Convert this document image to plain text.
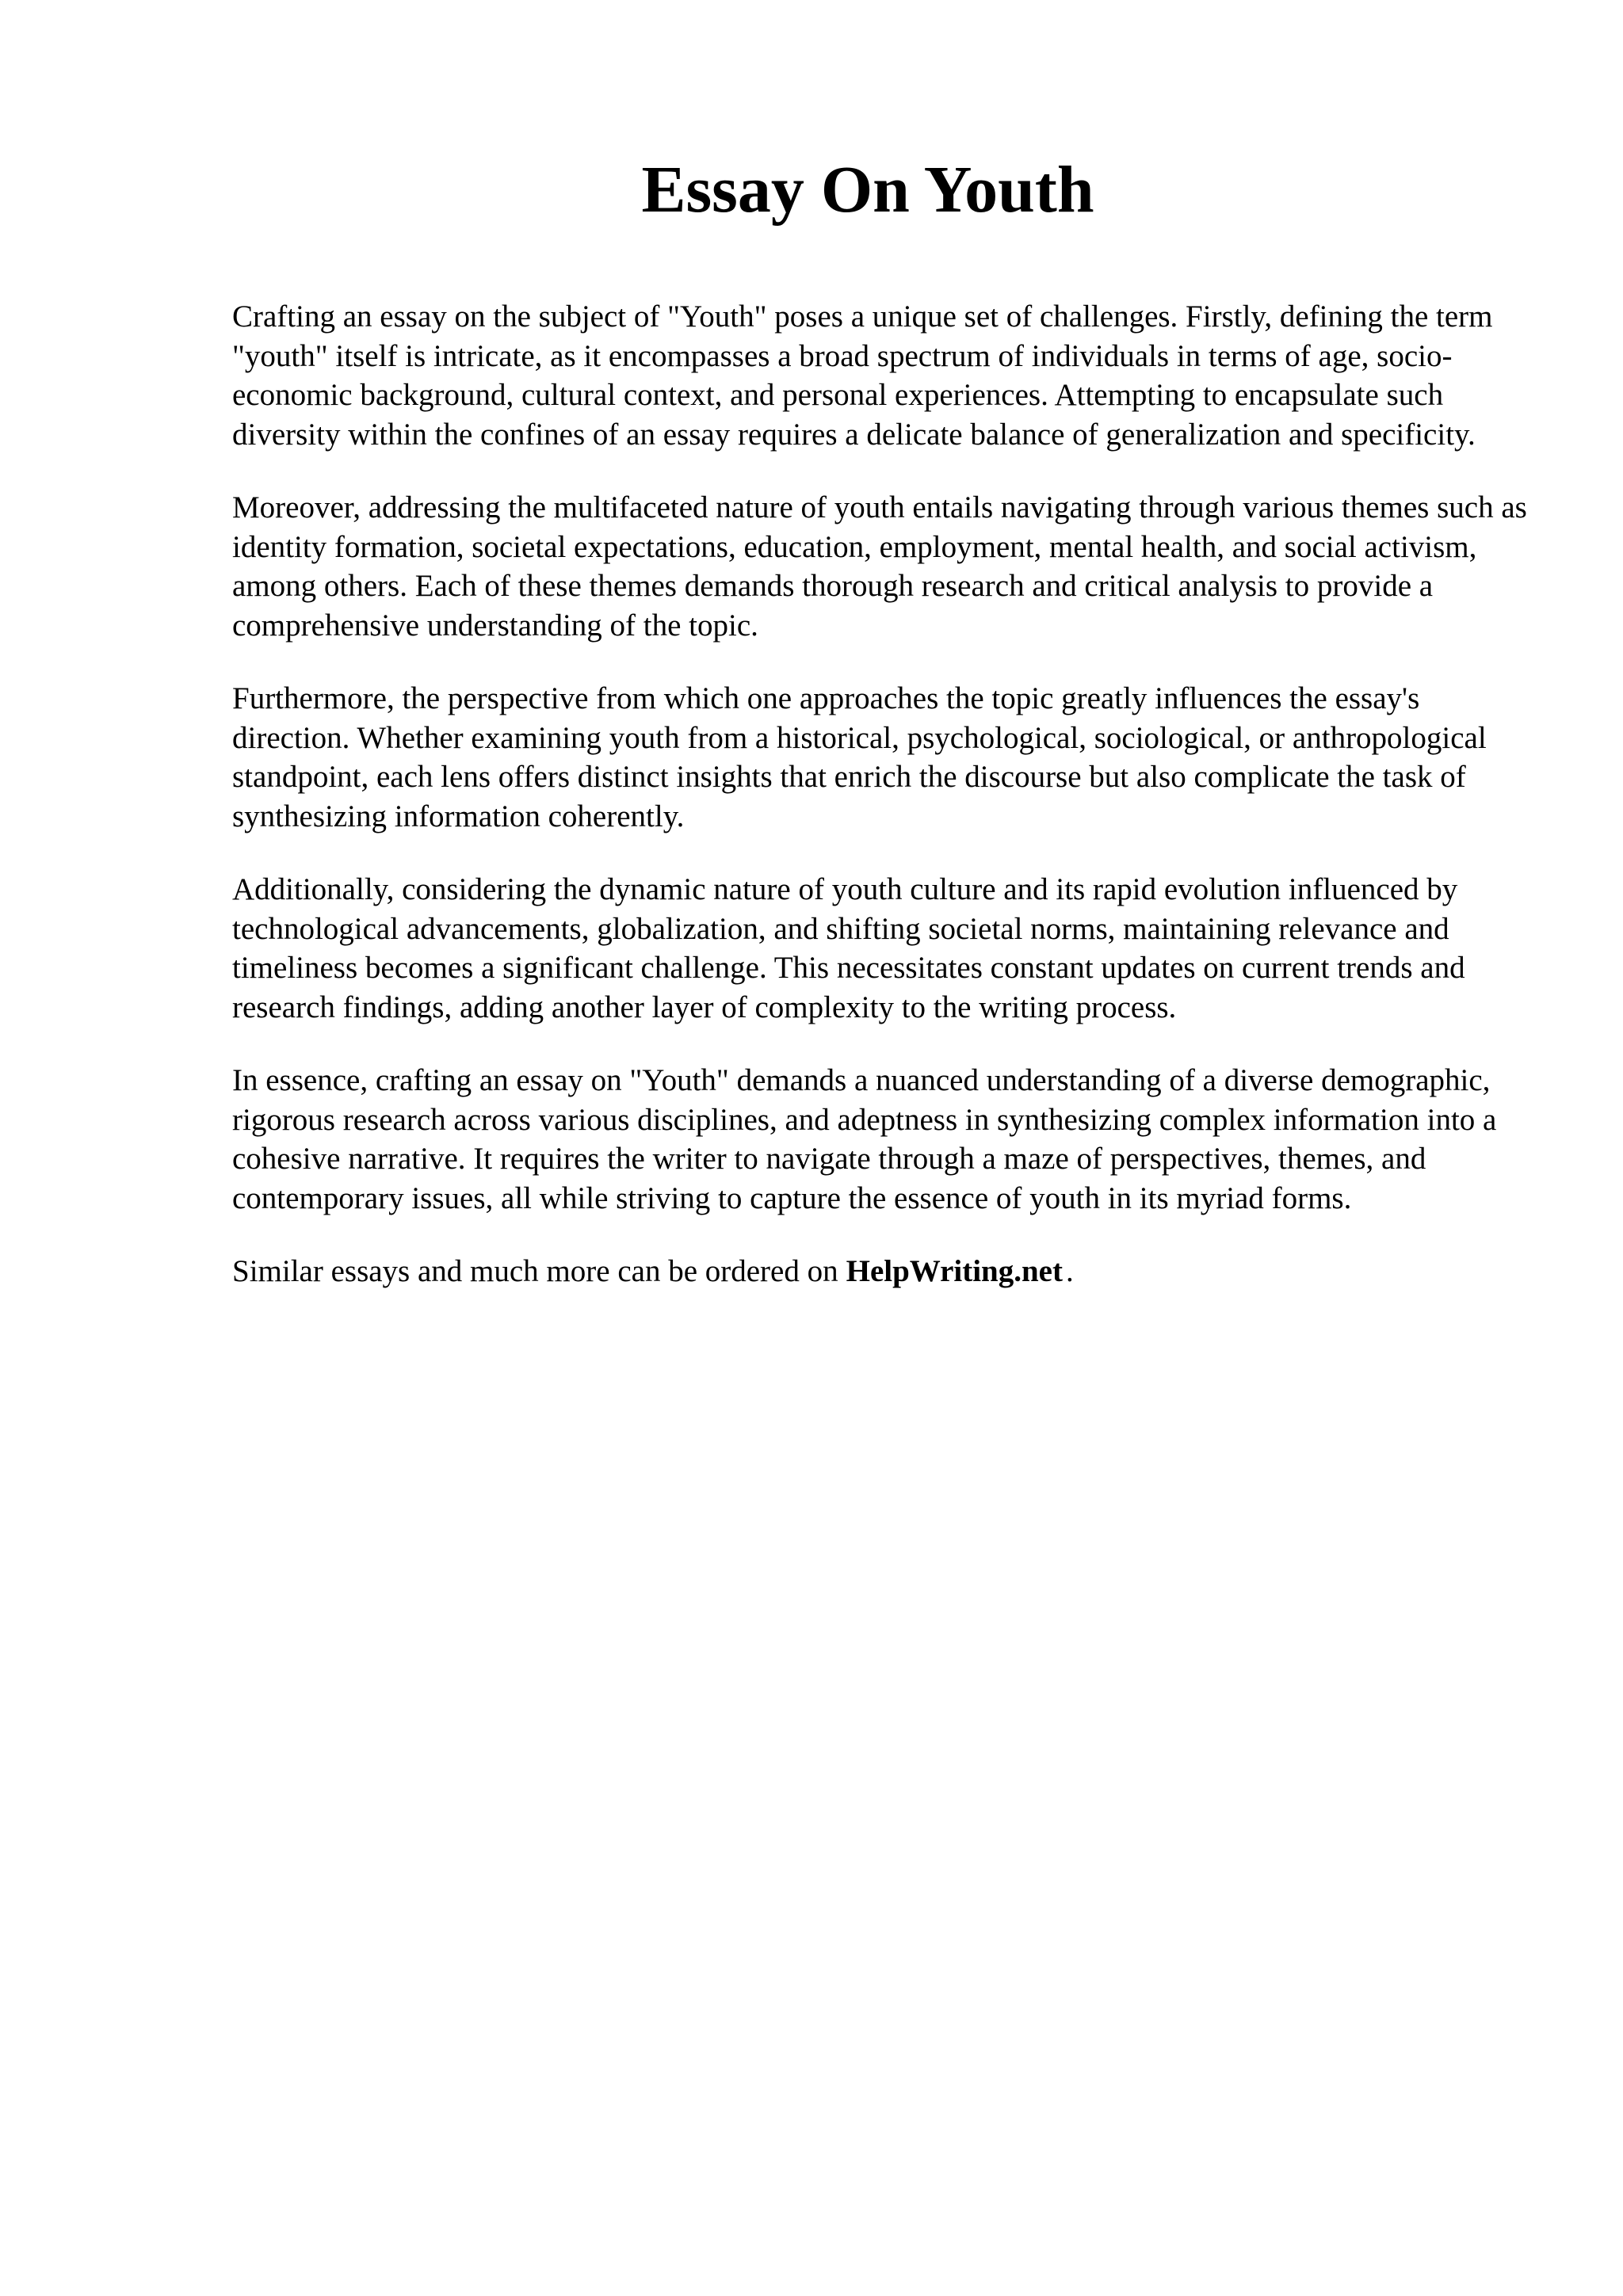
Essay On Youth

Crafting an essay on the subject of "Youth" poses a unique set of challenges. Firstly, defining the term "youth" itself is intricate, as it encompasses a broad spectrum of individuals in terms of age, socio-economic background, cultural context, and personal experiences. Attempting to encapsulate such diversity within the confines of an essay requires a delicate balance of generalization and specificity.

Moreover, addressing the multifaceted nature of youth entails navigating through various themes such as identity formation, societal expectations, education, employment, mental health, and social activism, among others. Each of these themes demands thorough research and critical analysis to provide a comprehensive understanding of the topic.

Furthermore, the perspective from which one approaches the topic greatly influences the essay's direction. Whether examining youth from a historical, psychological, sociological, or anthropological standpoint, each lens offers distinct insights that enrich the discourse but also complicate the task of synthesizing information coherently.

Additionally, considering the dynamic nature of youth culture and its rapid evolution influenced by technological advancements, globalization, and shifting societal norms, maintaining relevance and timeliness becomes a significant challenge. This necessitates constant updates on current trends and research findings, adding another layer of complexity to the writing process.

In essence, crafting an essay on "Youth" demands a nuanced understanding of a diverse demographic, rigorous research across various disciplines, and adeptness in synthesizing complex information into a cohesive narrative. It requires the writer to navigate through a maze of perspectives, themes, and contemporary issues, all while striving to capture the essence of youth in its myriad forms.

Similar essays and much more can be ordered on HelpWriting.net .
